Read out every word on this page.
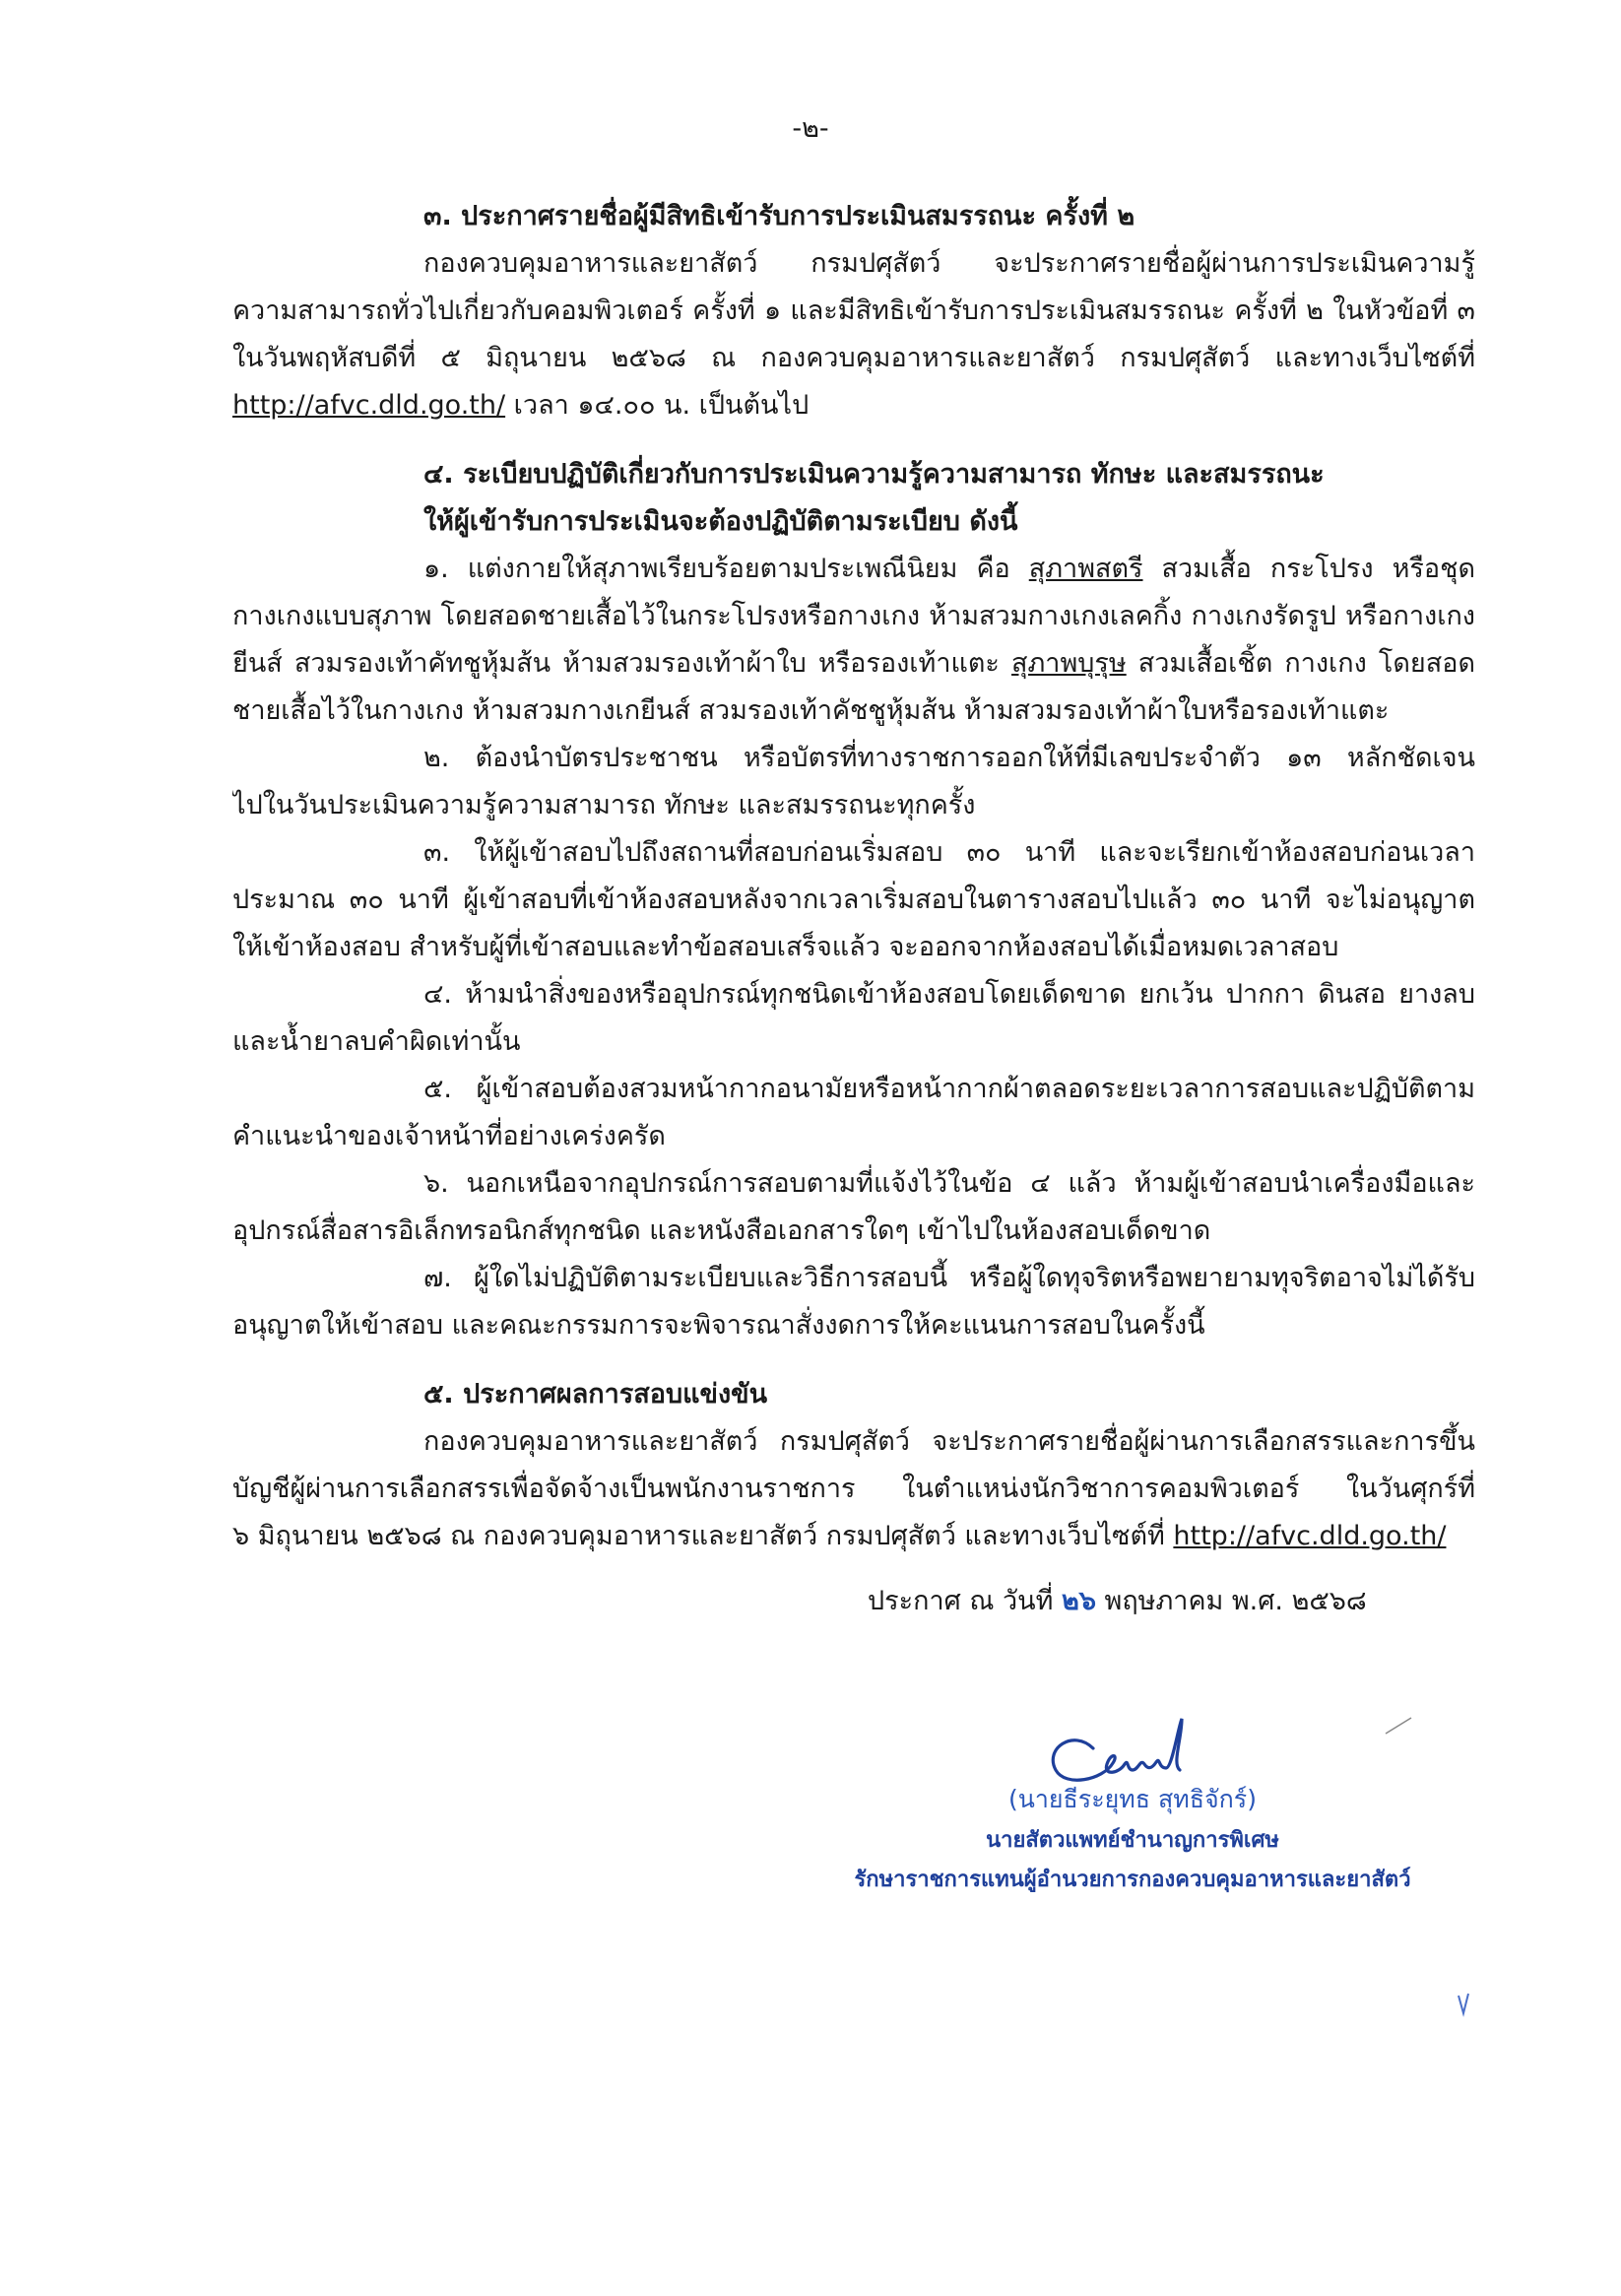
-๒-
๓. ประกาศรายชื่อผู้มีสิทธิเข้ารับการประเมินสมรรถนะ ครั้งที่ ๒
กองควบคุมอาหารและยาสัตว์ กรมปศุสัตว์ จะประกาศรายชื่อผู้ผ่านการประเมินความรู้
ความสามารถทั่วไปเกี่ยวกับคอมพิวเตอร์ ครั้งที่ ๑ และมีสิทธิเข้ารับการประเมินสมรรถนะ ครั้งที่ ๒ ในหัวข้อที่ ๓
ในวันพฤหัสบดีที่ ๕ มิถุนายน ๒๕๖๘ ณ กองควบคุมอาหารและยาสัตว์ กรมปศุสัตว์ และทางเว็บไซต์ที่
http://afvc.dld.go.th/ เวลา ๑๔.๐๐ น. เป็นต้นไป
๔. ระเบียบปฏิบัติเกี่ยวกับการประเมินความรู้ความสามารถ ทักษะ และสมรรถนะ
ให้ผู้เข้ารับการประเมินจะต้องปฏิบัติตามระเบียบ ดังนี้
๑. แต่งกายให้สุภาพเรียบร้อยตามประเพณีนิยม คือ สุภาพสตรี สวมเสื้อ กระโปรง หรือชุด
กางเกงแบบสุภาพ โดยสอดชายเสื้อไว้ในกระโปรงหรือกางเกง ห้ามสวมกางเกงเลคกิ้ง กางเกงรัดรูป หรือกางเกง
ยีนส์ สวมรองเท้าคัทชูหุ้มส้น ห้ามสวมรองเท้าผ้าใบ หรือรองเท้าแตะ สุภาพบุรุษ สวมเสื้อเชิ้ต กางเกง โดยสอด
ชายเสื้อไว้ในกางเกง ห้ามสวมกางเกยีนส์ สวมรองเท้าคัชชูหุ้มส้น ห้ามสวมรองเท้าผ้าใบหรือรองเท้าแตะ
๒. ต้องนำบัตรประชาชน หรือบัตรที่ทางราชการออกให้ที่มีเลขประจำตัว ๑๓ หลักชัดเจน
ไปในวันประเมินความรู้ความสามารถ ทักษะ และสมรรถนะทุกครั้ง
๓. ให้ผู้เข้าสอบไปถึงสถานที่สอบก่อนเริ่มสอบ ๓๐ นาที และจะเรียกเข้าห้องสอบก่อนเวลา
ประมาณ ๓๐ นาที ผู้เข้าสอบที่เข้าห้องสอบหลังจากเวลาเริ่มสอบในตารางสอบไปแล้ว ๓๐ นาที จะไม่อนุญาต
ให้เข้าห้องสอบ สำหรับผู้ที่เข้าสอบและทำข้อสอบเสร็จแล้ว จะออกจากห้องสอบได้เมื่อหมดเวลาสอบ
๔. ห้ามนำสิ่งของหรืออุปกรณ์ทุกชนิดเข้าห้องสอบโดยเด็ดขาด ยกเว้น ปากกา ดินสอ ยางลบ
และน้ำยาลบคำผิดเท่านั้น
๕. ผู้เข้าสอบต้องสวมหน้ากากอนามัยหรือหน้ากากผ้าตลอดระยะเวลาการสอบและปฏิบัติตาม
คำแนะนำของเจ้าหน้าที่อย่างเคร่งครัด
๖. นอกเหนือจากอุปกรณ์การสอบตามที่แจ้งไว้ในข้อ ๔ แล้ว ห้ามผู้เข้าสอบนำเครื่องมือและ
อุปกรณ์สื่อสารอิเล็กทรอนิกส์ทุกชนิด และหนังสือเอกสารใดๆ เข้าไปในห้องสอบเด็ดขาด
๗. ผู้ใดไม่ปฏิบัติตามระเบียบและวิธีการสอบนี้ หรือผู้ใดทุจริตหรือพยายามทุจริตอาจไม่ได้รับ
อนุญาตให้เข้าสอบ และคณะกรรมการจะพิจารณาสั่งงดการให้คะแนนการสอบในครั้งนี้
๕. ประกาศผลการสอบแข่งขัน
กองควบคุมอาหารและยาสัตว์ กรมปศุสัตว์ จะประกาศรายชื่อผู้ผ่านการเลือกสรรและการขึ้น
บัญชีผู้ผ่านการเลือกสรรเพื่อจัดจ้างเป็นพนักงานราชการ ในตำแหน่งนักวิชาการคอมพิวเตอร์ ในวันศุกร์ที่
๖ มิถุนายน ๒๕๖๘ ณ กองควบคุมอาหารและยาสัตว์ กรมปศุสัตว์ และทางเว็บไซต์ที่ http://afvc.dld.go.th/
ประกาศ ณ วันที่ ๒๖ พฤษภาคม พ.ศ. ๒๕๖๘
(นายธีระยุทธ สุทธิจักร์)
นายสัตวแพทย์ชำนาญการพิเศษ
รักษาราชการแทนผู้อำนวยการกองควบคุมอาหารและยาสัตว์
